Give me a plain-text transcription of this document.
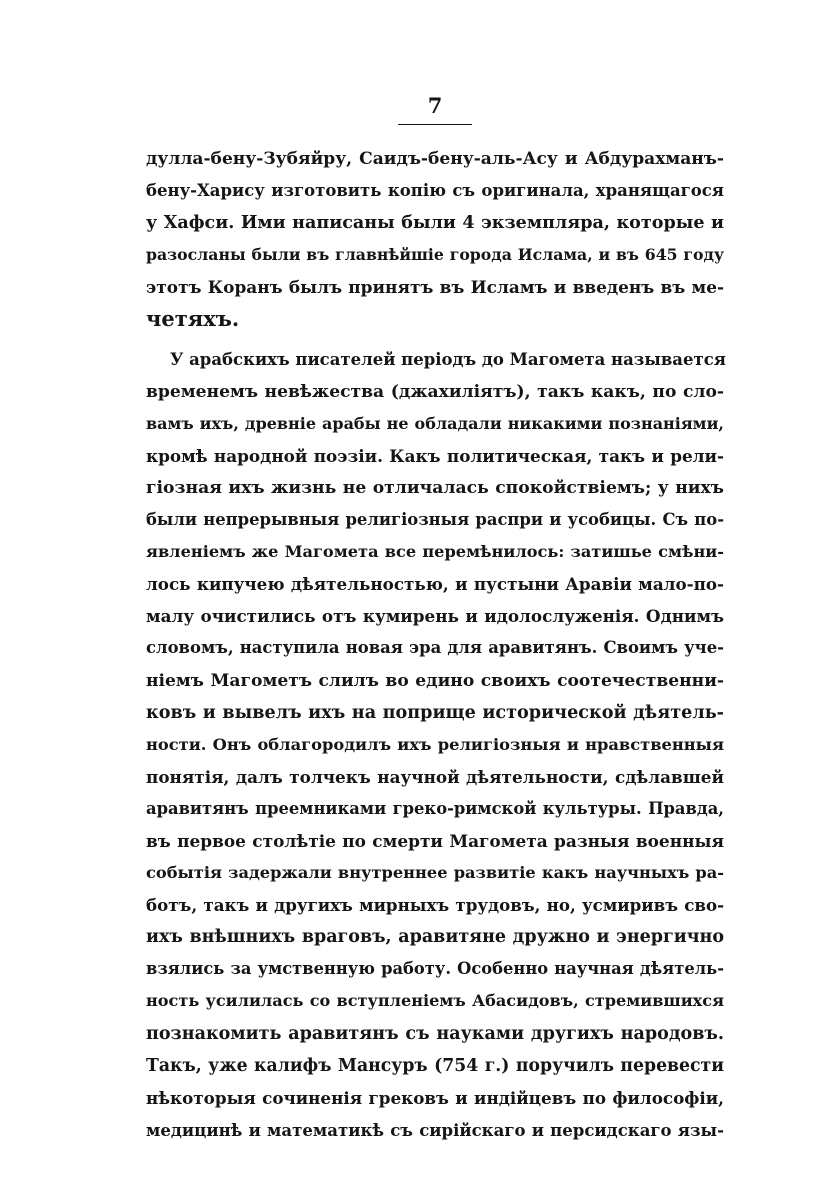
7
дулла-бену-Зубяйру, Саидъ-бену-аль-Асу и Абдурахманъ-
бену-Харису изготовить копію съ оригинала, хранящагося
у Хафси. Ими написаны были 4 экземпляра, которые и
разосланы были въ главнѣйшіе города Ислама, и въ 645 году
этотъ Коранъ былъ принятъ въ Исламъ и введенъ въ ме-
четяхъ.
У арабскихъ писателей періодъ до Магомета называется
временемъ невѣжества (джахиліятъ), такъ какъ, по сло-
вамъ ихъ, древніе арабы не обладали никакими познаніями,
кромѣ народной поэзіи. Какъ политическая, такъ и рели-
гіозная ихъ жизнь не отличалась спокойствіемъ; у нихъ
были непрерывныя религіозныя распри и усобицы. Съ по-
явленіемъ же Магомета все перемѣнилось: затишье смѣни-
лось кипучею дѣятельностью, и пустыни Аравіи мало-по-
малу очистились отъ кумирень и идолослуженія. Однимъ
словомъ, наступила новая эра для аравитянъ. Своимъ уче-
ніемъ Магометъ слилъ во едино своихъ соотечественни-
ковъ и вывелъ ихъ на поприще исторической дѣятель-
ности. Онъ облагородилъ ихъ религіозныя и нравственныя
понятія, далъ толчекъ научной дѣятельности, сдѣлавшей
аравитянъ преемниками греко-римской культуры. Правда,
въ первое столѣтіе по смерти Магомета разныя военныя
событія задержали внутреннее развитіе какъ научныхъ ра-
ботъ, такъ и другихъ мирныхъ трудовъ, но, усмиривъ сво-
ихъ внѣшнихъ враговъ, аравитяне дружно и энергично
взялись за умственную работу. Особенно научная дѣятель-
ность усилилась со вступленіемъ Абасидовъ, стремившихся
познакомить аравитянъ съ науками другихъ народовъ.
Такъ, уже калифъ Мансуръ (754 г.) поручилъ перевести
нѣкоторыя сочиненія грековъ и индійцевъ по философіи,
медицинѣ и математикѣ съ сирійскаго и персидскаго язы-
